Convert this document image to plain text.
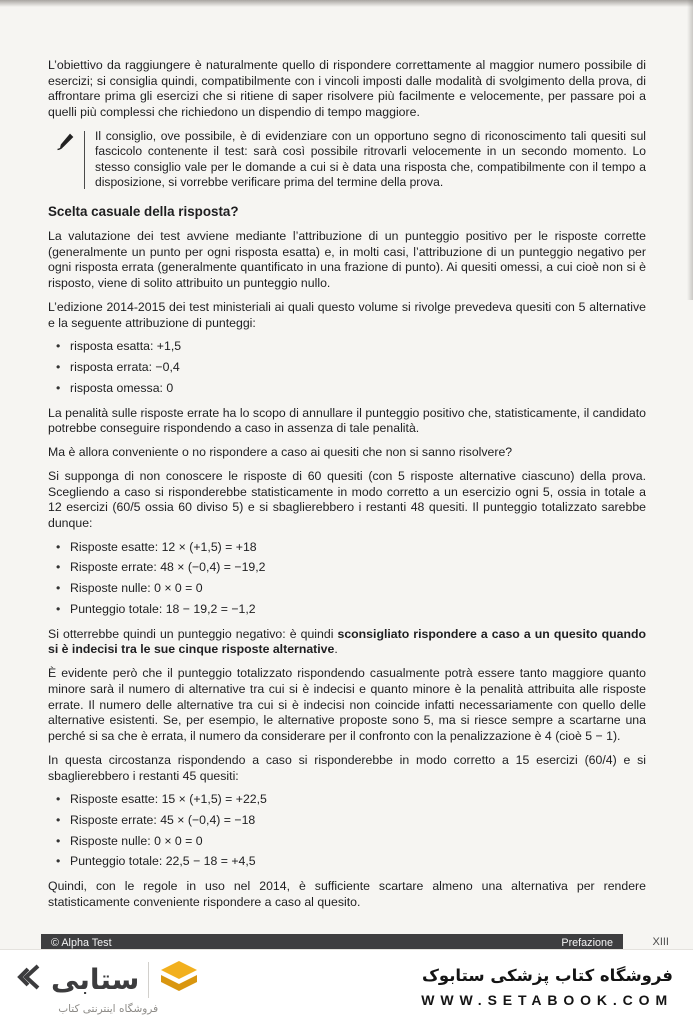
L’obiettivo da raggiungere è naturalmente quello di rispondere correttamente al maggior numero possibile di esercizi; si consiglia quindi, compatibilmente con i vincoli imposti dalle modalità di svolgimento della prova, di affrontare prima gli esercizi che si ritiene di saper risolvere più facilmente e velocemente, per passare poi a quelli più complessi che richiedono un dispendio di tempo maggiore.
Il consiglio, ove possibile, è di evidenziare con un opportuno segno di riconoscimento tali quesiti sul fascicolo contenente il test: sarà così possibile ritrovarli velocemente in un secondo momento. Lo stesso consiglio vale per le domande a cui si è data una risposta che, compatibilmente con il tempo a disposizione, si vorrebbe verificare prima del termine della prova.
Scelta casuale della risposta?
La valutazione dei test avviene mediante l’attribuzione di un punteggio positivo per le risposte corrette (generalmente un punto per ogni risposta esatta) e, in molti casi, l’attribuzione di un punteggio negativo per ogni risposta errata (generalmente quantificato in una frazione di punto). Ai quesiti omessi, a cui cioè non si è risposto, viene di solito attribuito un punteggio nullo.
L’edizione 2014-2015 dei test ministeriali ai quali questo volume si rivolge prevedeva quesiti con 5 alternative e la seguente attribuzione di punteggi:
• risposta esatta: +1,5
• risposta errata: −0,4
• risposta omessa: 0
La penalità sulle risposte errate ha lo scopo di annullare il punteggio positivo che, statisticamente, il candidato potrebbe conseguire rispondendo a caso in assenza di tale penalità.
Ma è allora conveniente o no rispondere a caso ai quesiti che non si sanno risolvere?
Si supponga di non conoscere le risposte di 60 quesiti (con 5 risposte alternative ciascuno) della prova. Scegliendo a caso si risponderebbe statisticamente in modo corretto a un esercizio ogni 5, ossia in totale a 12 esercizi (60/5 ossia 60 diviso 5) e si sbaglierebbero i restanti 48 quesiti. Il punteggio totalizzato sarebbe dunque:
• Risposte esatte: 12 × (+1,5) = +18
• Risposte errate: 48 × (−0,4) = −19,2
• Risposte nulle: 0 × 0 = 0
• Punteggio totale: 18 − 19,2 = −1,2
Si otterrebbe quindi un punteggio negativo: è quindi sconsigliato rispondere a caso a un quesito quando si è indecisi tra le sue cinque risposte alternative.
È evidente però che il punteggio totalizzato rispondendo casualmente potrà essere tanto maggiore quanto minore sarà il numero di alternative tra cui si è indecisi e quanto minore è la penalità attribuita alle risposte errate. Il numero delle alternative tra cui si è indecisi non coincide infatti necessariamente con quello delle alternative esistenti. Se, per esempio, le alternative proposte sono 5, ma si riesce sempre a scartarne una perché si sa che è errata, il numero da considerare per il confronto con la penalizzazione è 4 (cioè 5 − 1).
In questa circostanza rispondendo a caso si risponderebbe in modo corretto a 15 esercizi (60/4) e si sbaglierebbero i restanti 45 quesiti:
• Risposte esatte: 15 × (+1,5) = +22,5
• Risposte errate: 45 × (−0,4) = −18
• Risposte nulle: 0 × 0 = 0
• Punteggio totale: 22,5 − 18 = +4,5
Quindi, con le regole in uso nel 2014, è sufficiente scartare almeno una alternativa per rendere statisticamente conveniente rispondere a caso al quesito.
© Alpha Test	Prefazione	XIII
ستابی
فروشگاه اینترنتی کتاب
فروشگاه کتاب پزشکی ستابوک
WWW.SETABOOK.COM
